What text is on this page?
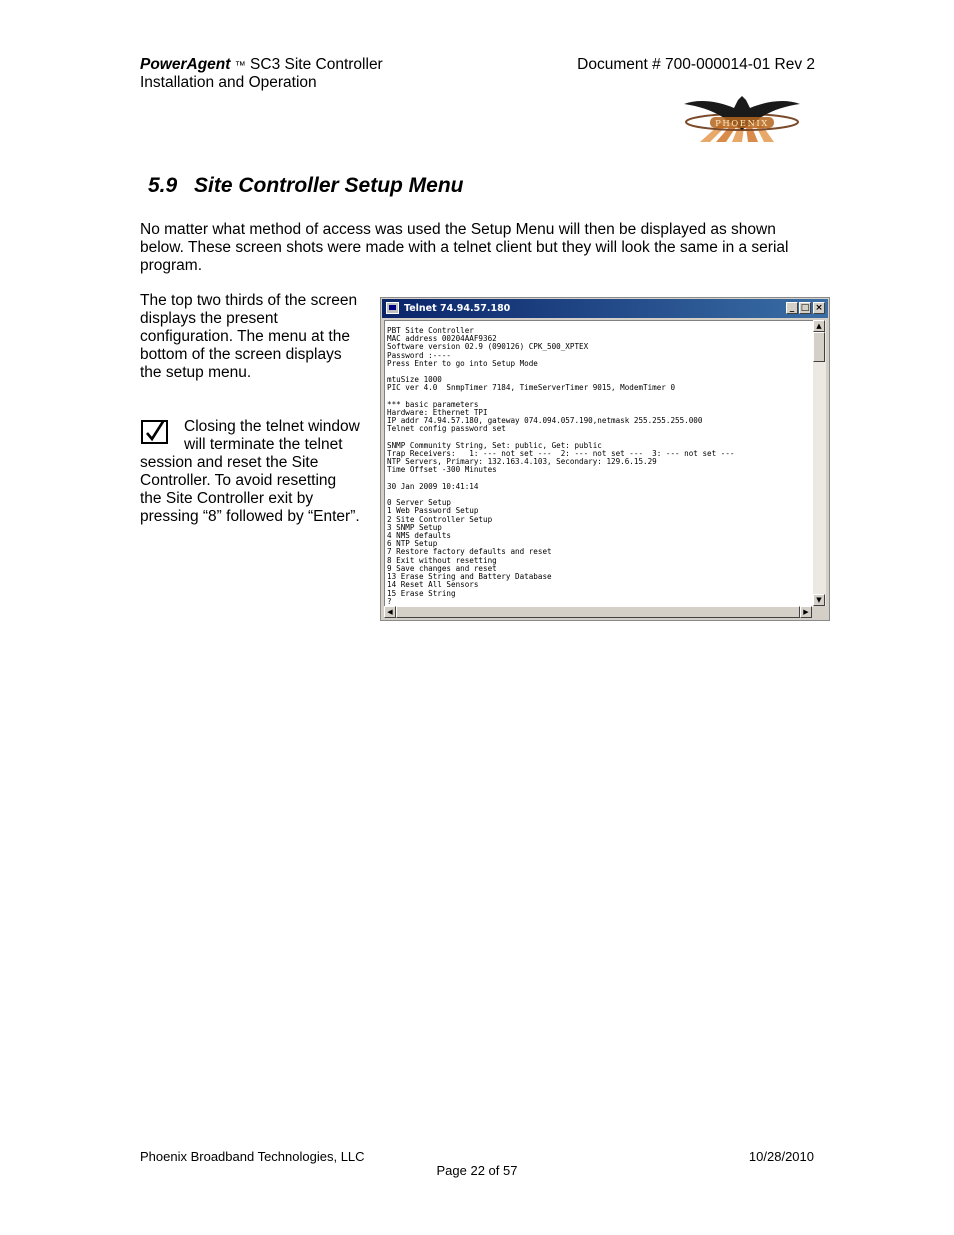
PowerAgent ™ SC3 Site Controller
Installation and Operation
Document # 700-000014-01 Rev 2
PHOENIX
5.9 Site Controller Setup Menu
No matter what method of access was used the Setup Menu will then be displayed as shown
below. These screen shots were made with a telnet client but they will look the same in a serial
program.
The top two thirds of the screen
displays the present
configuration. The menu at the
bottom of the screen displays
the setup menu.
Closing the telnet window
will terminate the telnet
session and reset the Site
Controller. To avoid resetting
the Site Controller exit by
pressing “8” followed by “Enter”.
Telnet 74.94.57.180	_ □ ×
PBT Site Controller
MAC address 00204AAF9362
Software version 02.9 (090126) CPK_500_XPTEX
Password :----
Press Enter to go into Setup Mode

mtuSize 1000
PIC ver 4.0  SnmpTimer 7184, TimeServerTimer 9015, ModemTimer 0

*** basic parameters
Hardware: Ethernet TPI
IP addr 74.94.57.180, gateway 074.094.057.190,netmask 255.255.255.000
Telnet config password set

SNMP Community String, Set: public, Get: public
Trap Receivers:   1: --- not set ---  2: --- not set ---  3: --- not set ---
NTP Servers, Primary: 132.163.4.103, Secondary: 129.6.15.29
Time Offset -300 Minutes

30 Jan 2009 10:41:14

0 Server Setup
1 Web Password Setup
2 Site Controller Setup
3 SNMP Setup
4 NMS defaults
6 NTP Setup
7 Restore factory defaults and reset
8 Exit without resetting
9 Save changes and reset
13 Erase String and Battery Database
14 Reset All Sensors
15 Erase String
?
▲
▼
◀	▶
Phoenix Broadband Technologies, LLC	10/28/2010
Page 22 of 57
